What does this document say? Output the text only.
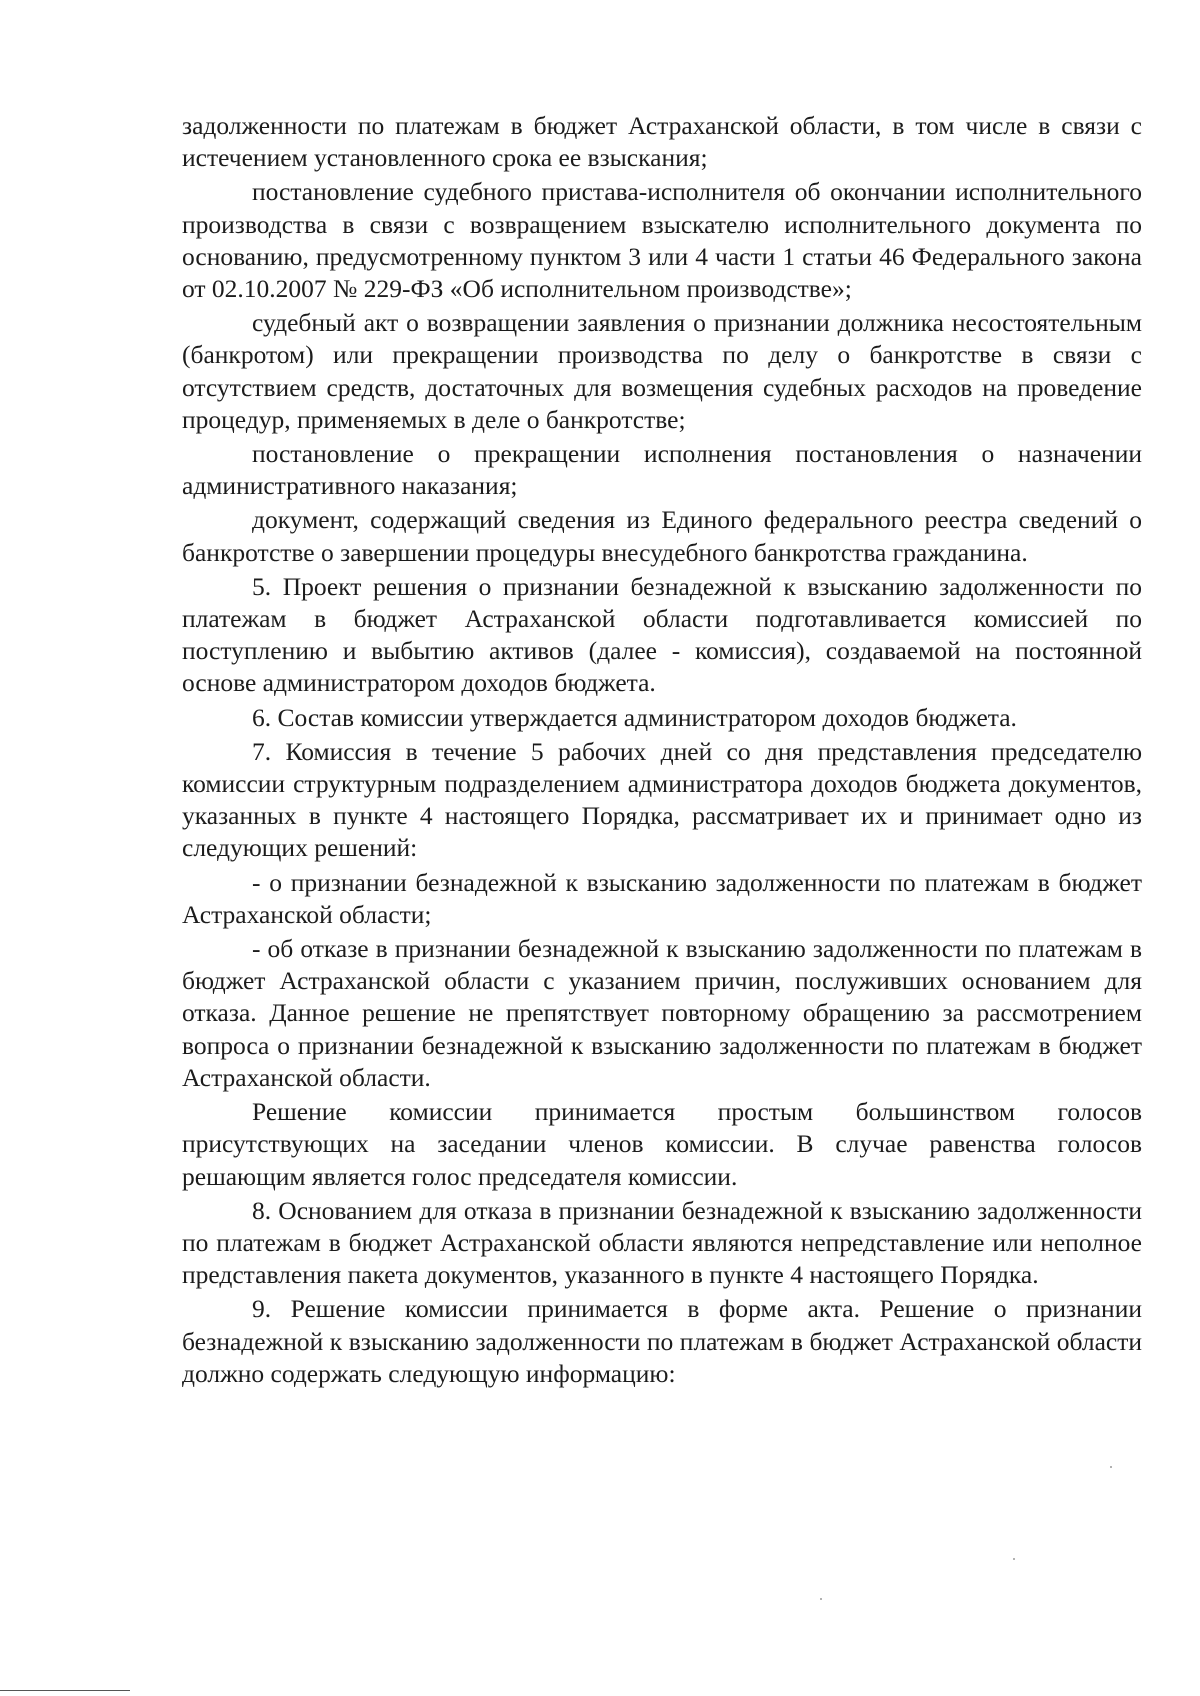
задолженности по платежам в бюджет Астраханской области, в том числе в связи с истечением установленного срока ее взыскания;

постановление судебного пристава-исполнителя об окончании исполнительного производства в связи с возвращением взыскателю исполнительного документа по основанию, предусмотренному пунктом 3 или 4 части 1 статьи 46 Федерального закона от 02.10.2007 № 229-ФЗ «Об исполнительном производстве»;

судебный акт о возвращении заявления о признании должника несостоятельным (банкротом) или прекращении производства по делу о банкротстве в связи с отсутствием средств, достаточных для возмещения судебных расходов на проведение процедур, применяемых в деле о банкротстве;

постановление о прекращении исполнения постановления о назначении административного наказания;

документ, содержащий сведения из Единого федерального реестра сведений о банкротстве о завершении процедуры внесудебного банкротства гражданина.

5. Проект решения о признании безнадежной к взысканию задолженности по платежам в бюджет Астраханской области подготавливается комиссией по поступлению и выбытию активов (далее - комиссия), создаваемой на постоянной основе администратором доходов бюджета.

6. Состав комиссии утверждается администратором доходов бюджета.

7. Комиссия в течение 5 рабочих дней со дня представления председателю комиссии структурным подразделением администратора доходов бюджета документов, указанных в пункте 4 настоящего Порядка, рассматривает их и принимает одно из следующих решений:

- о признании безнадежной к взысканию задолженности по платежам в бюджет Астраханской области;

- об отказе в признании безнадежной к взысканию задолженности по платежам в бюджет Астраханской области с указанием причин, послуживших основанием для отказа. Данное решение не препятствует повторному обращению за рассмотрением вопроса о признании безнадежной к взысканию задолженности по платежам в бюджет Астраханской области.

Решение комиссии принимается простым большинством голосов присутствующих на заседании членов комиссии. В случае равенства голосов решающим является голос председателя комиссии.

8. Основанием для отказа в признании безнадежной к взысканию задолженности по платежам в бюджет Астраханской области являются непредставление или неполное представления пакета документов, указанного в пункте 4 настоящего Порядка.

9. Решение комиссии принимается в форме акта. Решение о признании безнадежной к взысканию задолженности по платежам в бюджет Астраханской области должно содержать следующую информацию:
